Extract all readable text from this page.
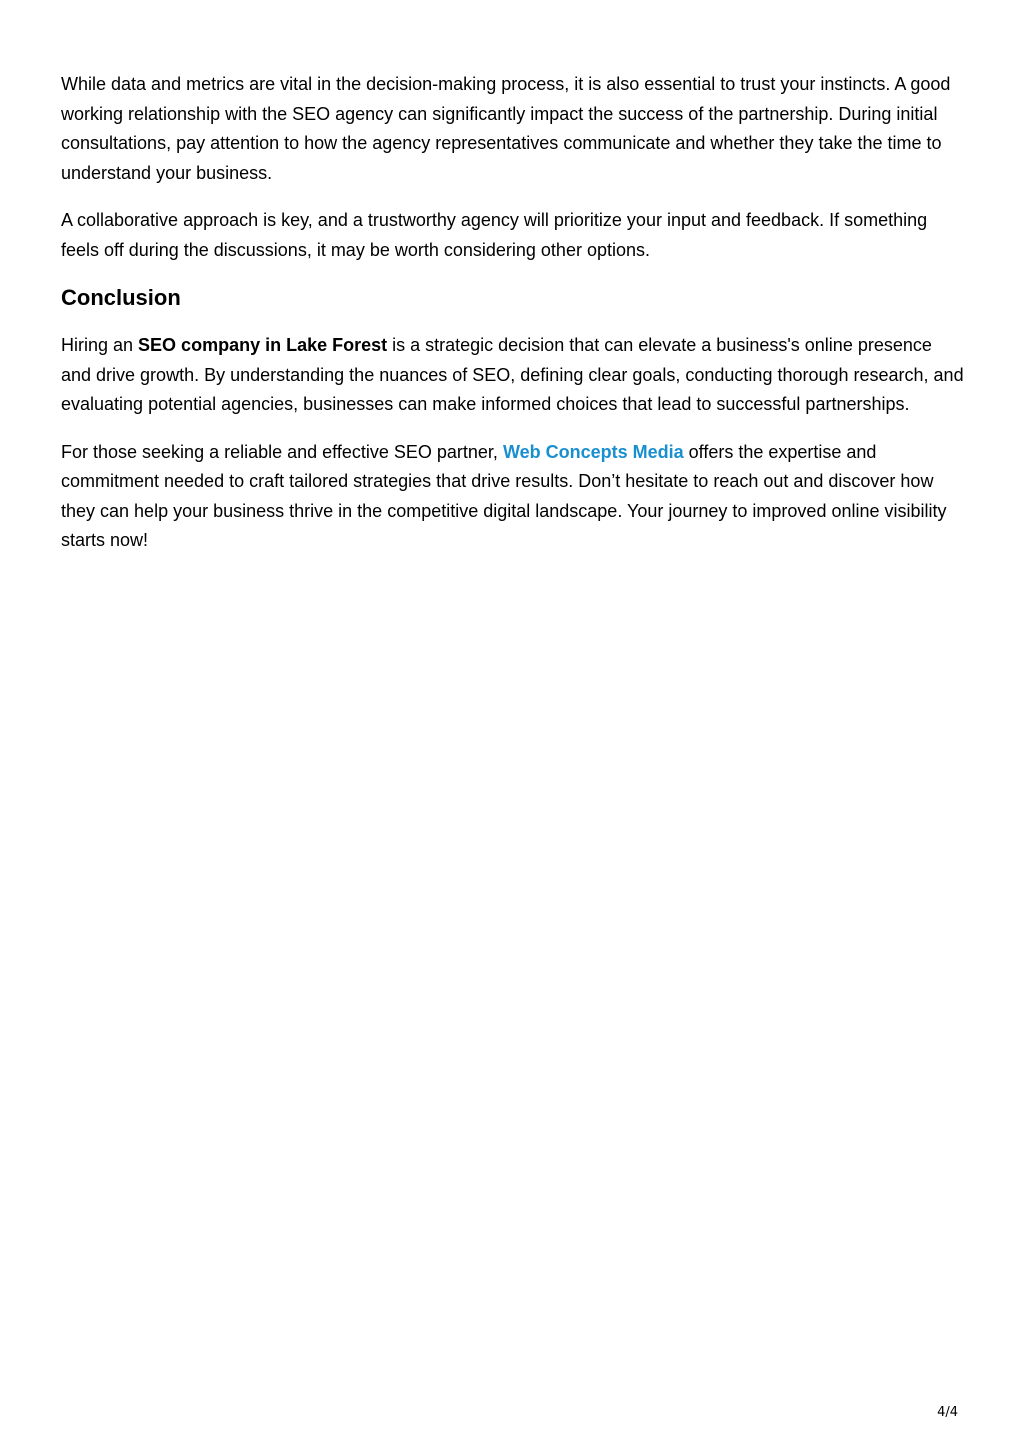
While data and metrics are vital in the decision-making process, it is also essential to trust your instincts. A good working relationship with the SEO agency can significantly impact the success of the partnership. During initial consultations, pay attention to how the agency representatives communicate and whether they take the time to understand your business.

A collaborative approach is key, and a trustworthy agency will prioritize your input and feedback. If something feels off during the discussions, it may be worth considering other options.

Conclusion

Hiring an SEO company in Lake Forest is a strategic decision that can elevate a business's online presence and drive growth. By understanding the nuances of SEO, defining clear goals, conducting thorough research, and evaluating potential agencies, businesses can make informed choices that lead to successful partnerships.

For those seeking a reliable and effective SEO partner, Web Concepts Media offers the expertise and commitment needed to craft tailored strategies that drive results. Don’t hesitate to reach out and discover how they can help your business thrive in the competitive digital landscape. Your journey to improved online visibility starts now!

4/4
